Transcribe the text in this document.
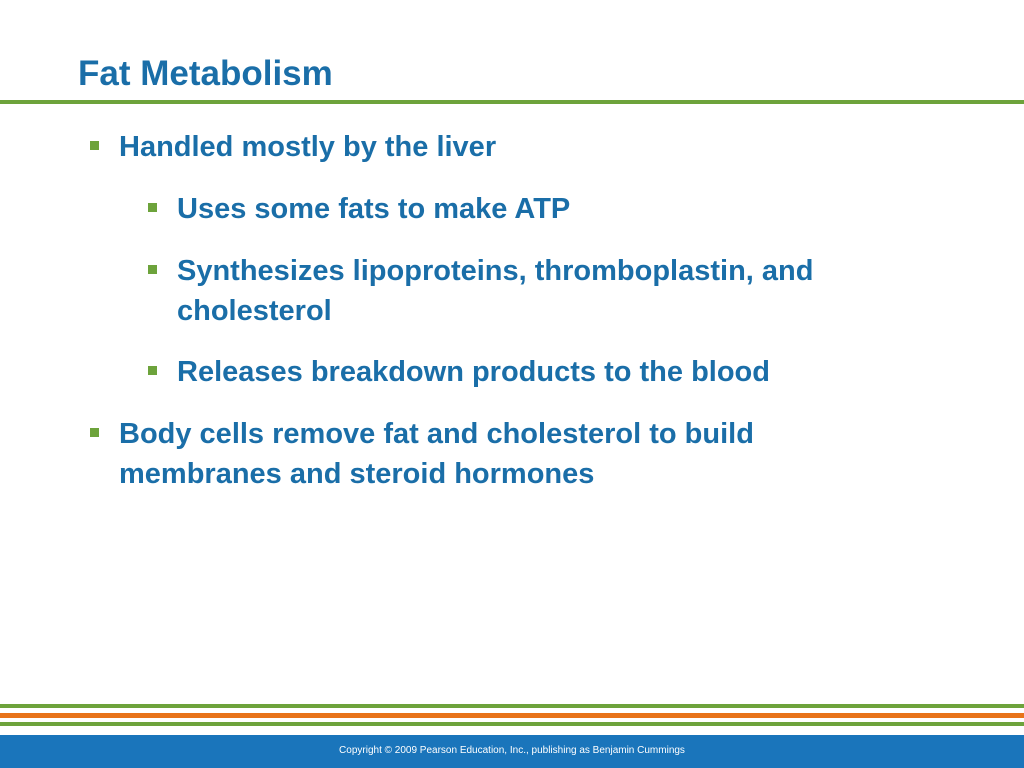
Fat Metabolism
Handled mostly by the liver
Uses some fats to make ATP
Synthesizes lipoproteins, thromboplastin, and cholesterol
Releases breakdown products to the blood
Body cells remove fat and cholesterol to build membranes and steroid hormones
Copyright © 2009 Pearson Education, Inc., publishing as Benjamin Cummings
